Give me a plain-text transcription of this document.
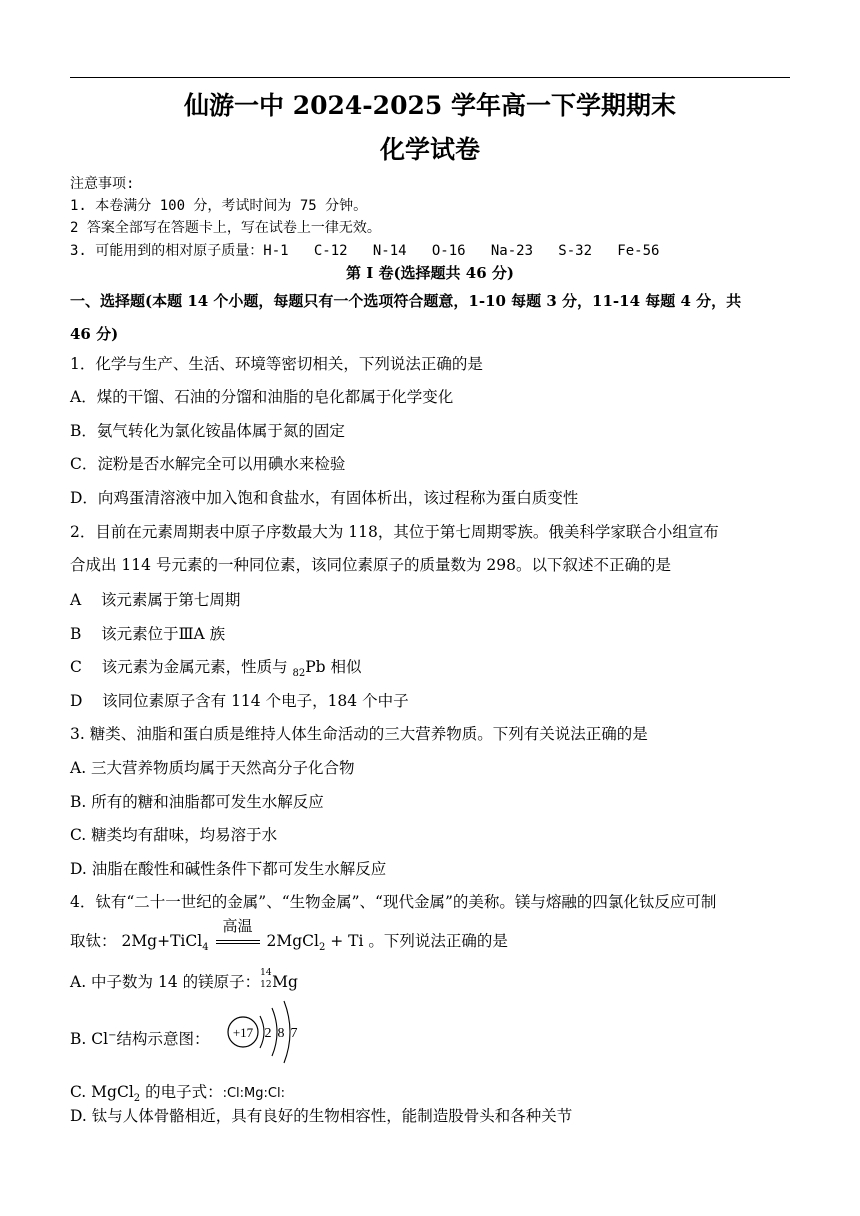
仙游一中 2024-2025 学年高一下学期期末
化学试卷
注意事项:
1. 本卷满分 100 分，考试时间为 75 分钟。
2 答案全部写在答题卡上，写在试卷上一律无效。
3. 可能用到的相对原子质量：H-1   C-12   N-14   O-16   Na-23   S-32   Fe-56
第 I 卷(选择题共 46 分)
一、选择题(本题 14 个小题，每题只有一个选项符合题意，1-10 每题 3 分，11-14 每题 4 分，共
46 分)
1．化学与生产、生活、环境等密切相关，下列说法正确的是
A．煤的干馏、石油的分馏和油脂的皂化都属于化学变化
B．氨气转化为氯化铵晶体属于氮的固定
C．淀粉是否水解完全可以用碘水来检验
D．向鸡蛋清溶液中加入饱和食盐水，有固体析出，该过程称为蛋白质变性
2．目前在元素周期表中原子序数最大为 118，其位于第七周期零族。俄美科学家联合小组宣布
合成出 114 号元素的一种同位素，该同位素原子的质量数为 298。以下叙述不正确的是
A    该元素属于第七周期
B    该元素位于ⅢA 族
C    该元素为金属元素，性质与 $_{82}$Pb 相似
D    该同位素原子含有 114 个电子，184 个中子
3. 糖类、油脂和蛋白质是维持人体生命活动的三大营养物质。下列有关说法正确的是
A. 三大营养物质均属于天然高分子化合物
B. 所有的糖和油脂都可发生水解反应
C. 糖类均有甜味，均易溶于水
D. 油脂在酸性和碱性条件下都可发生水解反应
4．钛有“二十一世纪的金属”、“生物金属”、“现代金属”的美称。镁与熔融的四氯化钛反应可制
取钛： 2Mg+TiCl$_4$
高温
2MgCl$_2$ + Ti 。下列说法正确的是
A. 中子数为 14 的镁原子： 14
12 Mg
B. Cl−结构示意图： +17 2 8 7
C. MgCl$_2$ 的电子式：:Cl:Mg:Cl:
D. 钛与人体骨骼相近，具有良好的生物相容性，能制造股骨头和各种关节
